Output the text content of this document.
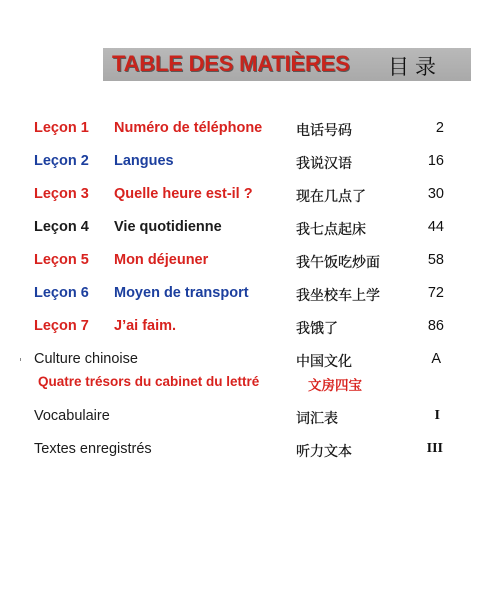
TABLE DES MATIÈRES 目录
Leçon 1 Numéro de téléphone 电话号码	2
Leçon 2 Langues	我说汉语	16
Leçon 3 Quelle heure est-il ?	现在几点了	30
Leçon 4 Vie quotidienne	我七点起床	44
Leçon 5 Mon déjeuner	我午饭吃炒面	58
Leçon 6 Moyen de transport	我坐校车上学	72
Leçon 7 J’ai faim.	我饿了	86
Culture chinoise	中国文化	A
Quatre trésors du cabinet du lettré	文房四宝
Vocabulaire	词汇表	I
Textes enregistrés	听力文本	III
